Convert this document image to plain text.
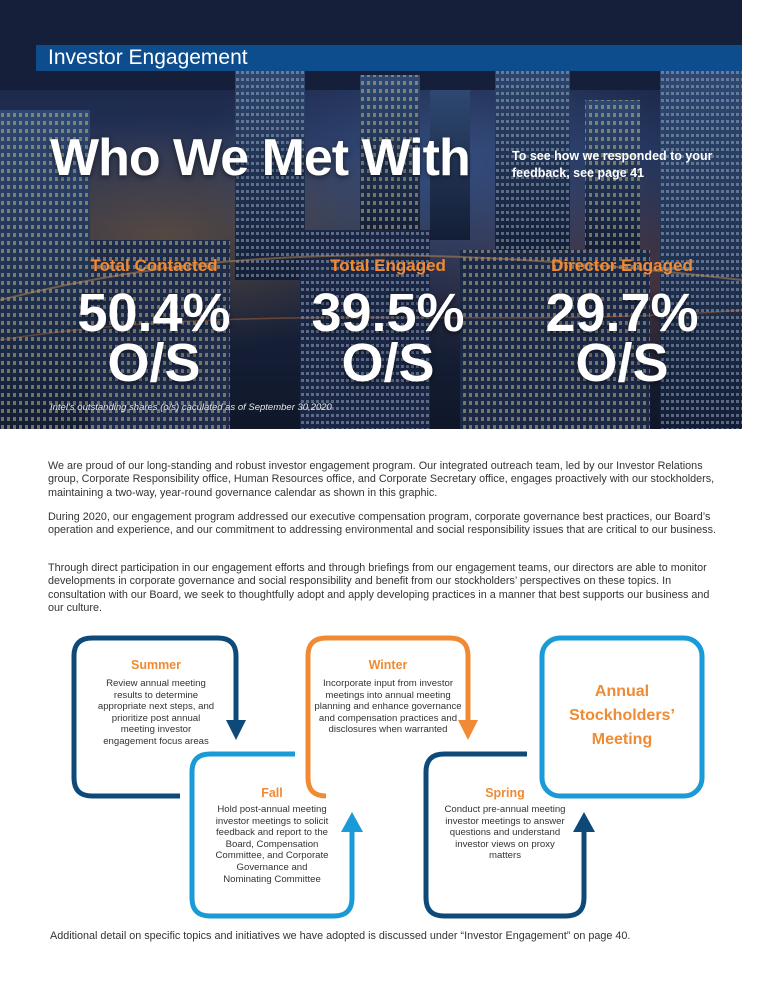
Investor Engagement
Who We Met With	To see how we responded to your feedback, see page 41
Total Contacted
50.4%
O/S
Total Engaged
39.5%
O/S
Director Engaged
29.7%
O/S
Intel’s outstanding shares (o/s) caculated as of September 30,2020
We are proud of our long-standing and robust investor engagement program. Our integrated outreach team, led by our Investor Relations group, Corporate Responsibility office, Human Resources office, and Corporate Secretary office, engages proactively with our stockholders, maintaining a two-way, year-round governance calendar as shown in this graphic.
During 2020, our engagement program addressed our executive compensation program, corporate governance best practices, our Board’s operation and experience, and our commitment to addressing environmental and social responsibility issues that are critical to our business.
Through direct participation in our engagement efforts and through briefings from our engagement teams, our directors are able to monitor developments in corporate governance and social responsibility and benefit from our stockholders’ perspectives on these topics. In consultation with our Board, we seek to thoughtfully adopt and apply developing practices in a manner that best supports our business and our culture.
Summer
Review annual meeting results to determine appropriate next steps, and prioritize post annual meeting investor engagement focus areas
Fall
Hold post-annual meeting investor meetings to solicit feedback and report to the Board, Compensation Committee, and Corporate Governance and Nominating Committee
Winter
Incorporate input from investor meetings into annual meeting planning and enhance governance and compensation practices and disclosures when warranted
Spring
Conduct pre-annual meeting investor meetings to answer questions and understand investor views on proxy matters
Annual Stockholders’ Meeting
Additional detail on specific topics and initiatives we have adopted is discussed under “Investor Engagement” on page 40.
